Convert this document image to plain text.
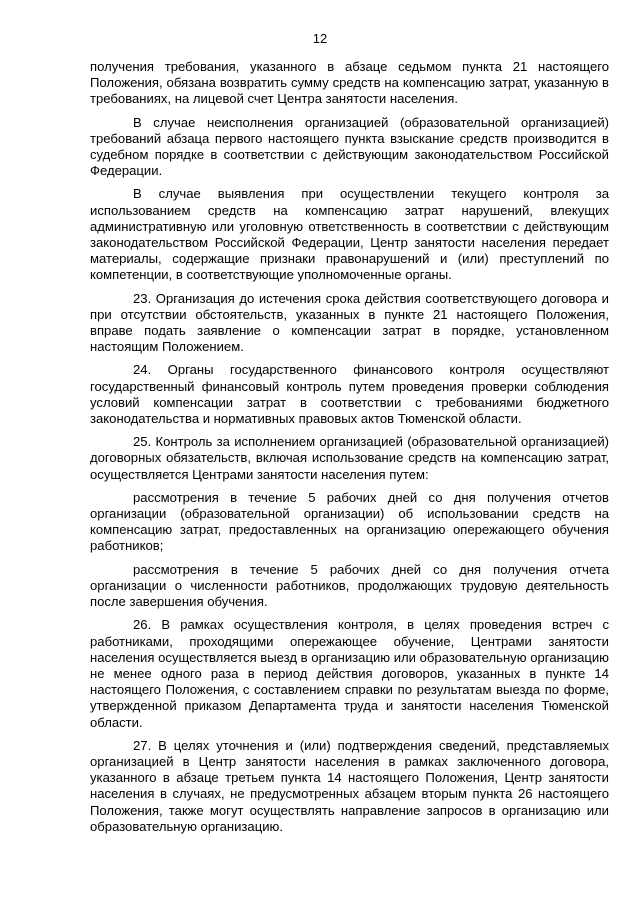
12

получения требования, указанного в абзаце седьмом пункта 21 настоящего Положения, обязана возвратить сумму средств на компенсацию затрат, указанную в требованиях, на лицевой счет Центра занятости населения.

В случае неисполнения организацией (образовательной организацией) требований абзаца первого настоящего пункта взыскание средств производится в судебном порядке в соответствии с действующим законодательством Российской Федерации.

В случае выявления при осуществлении текущего контроля за использованием средств на компенсацию затрат нарушений, влекущих административную или уголовную ответственность в соответствии с действующим законодательством Российской Федерации, Центр занятости населения передает материалы, содержащие признаки правонарушений и (или) преступлений по компетенции, в соответствующие уполномоченные органы.

23. Организация до истечения срока действия соответствующего договора и при отсутствии обстоятельств, указанных в пункте 21 настоящего Положения, вправе подать заявление о компенсации затрат в порядке, установленном настоящим Положением.

24. Органы государственного финансового контроля осуществляют государственный финансовый контроль путем проведения проверки соблюдения условий компенсации затрат в соответствии с требованиями бюджетного законодательства и нормативных правовых актов Тюменской области.

25. Контроль за исполнением организацией (образовательной организацией) договорных обязательств, включая использование средств на компенсацию затрат, осуществляется Центрами занятости населения путем:

рассмотрения в течение 5 рабочих дней со дня получения отчетов организации (образовательной организации) об использовании средств на компенсацию затрат, предоставленных на организацию опережающего обучения работников;

рассмотрения в течение 5 рабочих дней со дня получения отчета организации о численности работников, продолжающих трудовую деятельность после завершения обучения.

26. В рамках осуществления контроля, в целях проведения встреч с работниками, проходящими опережающее обучение, Центрами занятости населения осуществляется выезд в организацию или образовательную организацию не менее одного раза в период действия договоров, указанных в пункте 14 настоящего Положения, с составлением справки по результатам выезда по форме, утвержденной приказом Департамента труда и занятости населения Тюменской области.

27. В целях уточнения и (или) подтверждения сведений, представляемых организацией в Центр занятости населения в рамках заключенного договора, указанного в абзаце третьем пункта 14 настоящего Положения, Центр занятости населения в случаях, не предусмотренных абзацем вторым пункта 26 настоящего Положения, также могут осуществлять направление запросов в организацию или образовательную организацию.
